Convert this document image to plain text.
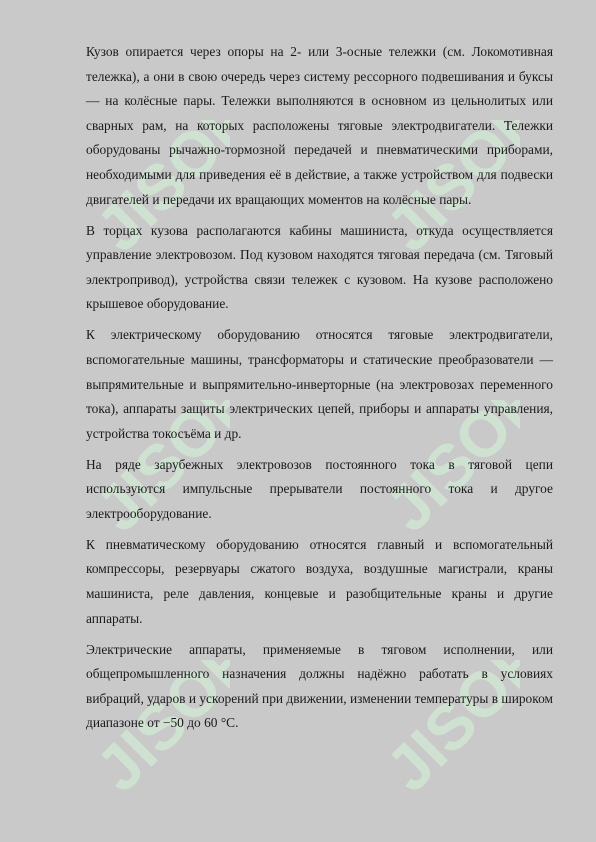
JISOFT JISOFT
JISOFT JISOFT
JISOFT JISOFT

Кузов опирается через опоры на 2- или 3-осные тележки (см. Локомотивная тележка), а они в свою очередь через систему рессорного подвешивания и буксы — на колёсные пары. Тележки выполняются в основном из цельнолитых или сварных рам, на которых расположены тяговые электродвигатели. Тележки оборудованы рычажно-тормозной передачей и пневматическими приборами, необходимыми для приведения её в действие, а также устройством для подвески двигателей и передачи их вращающих моментов на колёсные пары.

В торцах кузова располагаются кабины машиниста, откуда осуществляется управление электровозом. Под кузовом находятся тяговая передача (см. Тяговый электропривод), устройства связи тележек с кузовом. На кузове расположено крышевое оборудование.

К электрическому оборудованию относятся тяговые электродвигатели, вспомогательные машины, трансформаторы и статические преобразователи — выпрямительные и выпрямительно-инверторные (на электровозах переменного тока), аппараты защиты электрических цепей, приборы и аппараты управления, устройства токосъёма и др.

На ряде зарубежных электровозов постоянного тока в тяговой цепи используются импульсные прерыватели постоянного тока и другое электрооборудование.

К пневматическому оборудованию относятся главный и вспомогательный компрессоры, резервуары сжатого воздуха, воздушные магистрали, краны машиниста, реле давления, концевые и разобщительные краны и другие аппараты.

Электрические аппараты, применяемые в тяговом исполнении, или общепромышленного назначения должны надёжно работать в условиях вибраций, ударов и ускорений при движении, изменении температуры в широком диапазоне от −50 до 60 °C.
